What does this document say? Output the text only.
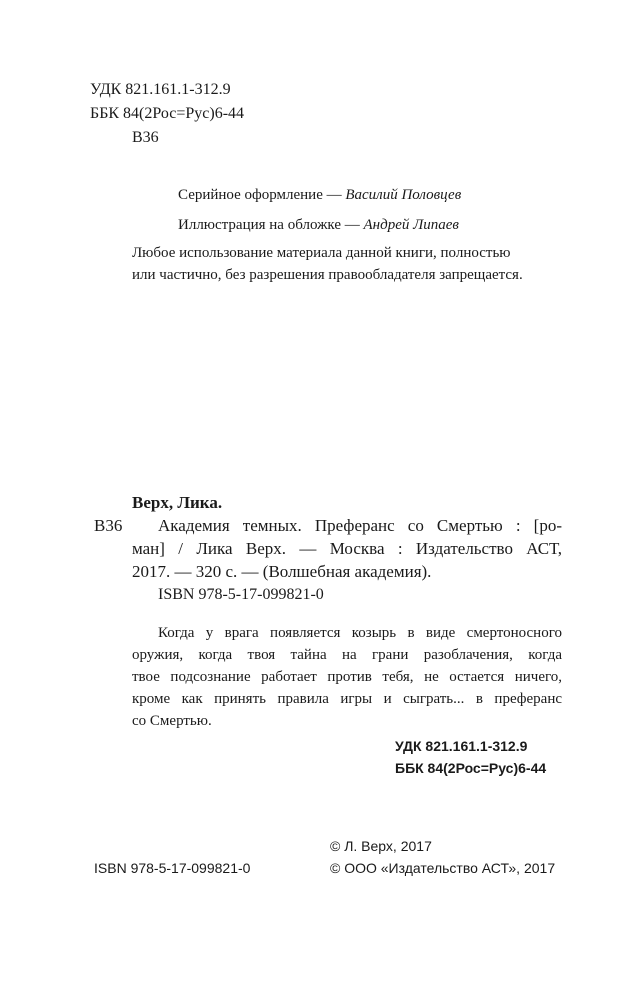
УДК 821.161.1-312.9
ББК 84(2Рос=Рус)6-44
В36
Серийное оформление — Василий Половцев
Иллюстрация на обложке — Андрей Липаев
Любое использование материала данной книги, полностью
или частично, без разрешения правообладателя запрещается.
Верх, Лика.
В36 Академия темных. Преферанс со Смертью : [ро-
ман] / Лика Верх. — Москва : Издательство АСТ,
2017. — 320 с. — (Волшебная академия).
ISBN 978-5-17-099821-0
Когда у врага появляется козырь в виде смертоносного
оружия, когда твоя тайна на грани разоблачения, когда
твое подсознание работает против тебя, не остается ничего,
кроме как принять правила игры и сыграть... в преферанс
со Смертью.
УДК 821.161.1-312.9
ББК 84(2Рос=Рус)6-44
© Л. Верх, 2017
ISBN 978-5-17-099821-0	© ООО «Издательство АСТ», 2017
